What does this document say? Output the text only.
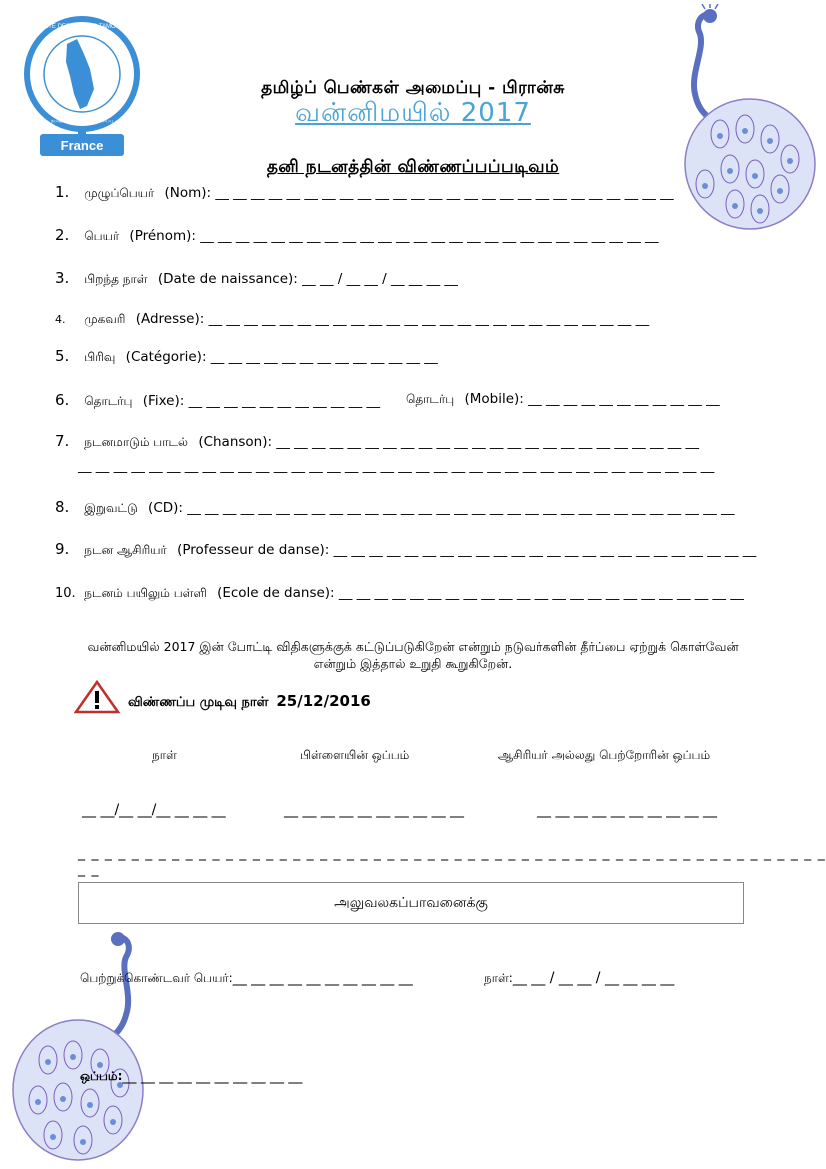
France
COMITÉ DES FEMMES TAMOULES
தமிழ்ப் பெண்கள் அமைப்பு
தமிழ்ப் பெண்கள் அமைப்பு - பிரான்சு
வன்னிமயில் 2017
தனி நடனத்தின் விண்ணப்பப்படிவம்
1. முழுப்பெயர் (Nom): __ __ __ __ __ __ __ __ __ __ __ __ __ __ __ __ __ __ __ __ __ __ __ __ __ __
2. பெயர் (Prénom): __ __ __ __ __ __ __ __ __ __ __ __ __ __ __ __ __ __ __ __ __ __ __ __ __ __
3. பிறந்த நாள் (Date de naissance): __ __ / __ __ / __ __ __ __
4. முகவரி (Adresse): __ __ __ __ __ __ __ __ __ __ __ __ __ __ __ __ __ __ __ __ __ __ __ __ __
5. பிரிவு (Catégorie): __ __ __ __ __ __ __ __ __ __ __ __ __
6. தொடர்பு (Fixe): __ __ __ __ __ __ __ __ __ __ __ தொடர்பு (Mobile): __ __ __ __ __ __ __ __ __ __ __
7. நடனமாடும் பாடல் (Chanson): __ __ __ __ __ __ __ __ __ __ __ __ __ __ __ __ __ __ __ __ __ __ __ __
__ __ __ __ __ __ __ __ __ __ __ __ __ __ __ __ __ __ __ __ __ __ __ __ __ __ __ __ __ __ __ __ __ __ __ __
8. இறுவட்டு (CD): __ __ __ __ __ __ __ __ __ __ __ __ __ __ __ __ __ __ __ __ __ __ __ __ __ __ __ __ __ __ __
9. நடன ஆசிரியர் (Professeur de danse): __ __ __ __ __ __ __ __ __ __ __ __ __ __ __ __ __ __ __ __ __ __ __ __
10. நடனம் பயிலும் பள்ளி (Ecole de danse): __ __ __ __ __ __ __ __ __ __ __ __ __ __ __ __ __ __ __ __ __ __ __
வன்னிமயில் 2017 இன் போட்டி விதிகளுக்குக் கட்டுப்படுகிறேன் என்றும் நடுவர்களின் தீர்ப்பை ஏற்றுக் கொள்வேன் என்றும் இத்தால் உறுதி கூறுகிறேன்.
விண்ணப்ப முடிவு நாள் 25/12/2016
நாள்	பிள்ளையின் ஒப்பம்	ஆசிரியர் அல்லது பெற்றோரின் ஒப்பம்
__ __/__ __/__ __ __ __	__ __ __ __ __ __ __ __ __ __	__ __ __ __ __ __ __ __ __ __
_ _ _ _ _ _ _ _ _ _ _ _ _ _ _ _ _ _ _ _ _ _ _ _ _ _ _ _ _ _ _ _ _ _ _ _ _ _ _ _ _ _ _ _ _ _ _ _ _ _ _ _ _ _ _ _ _ _
அலுவலகப்பாவனைக்கு
பெற்றுக்கொண்டவர் பெயர்:__ __ __ __ __ __ __ __ __ __	நாள்:__ __ / __ __ / __ __ __ __
ஒப்பம்:__ __ __ __ __ __ __ __ __ __
